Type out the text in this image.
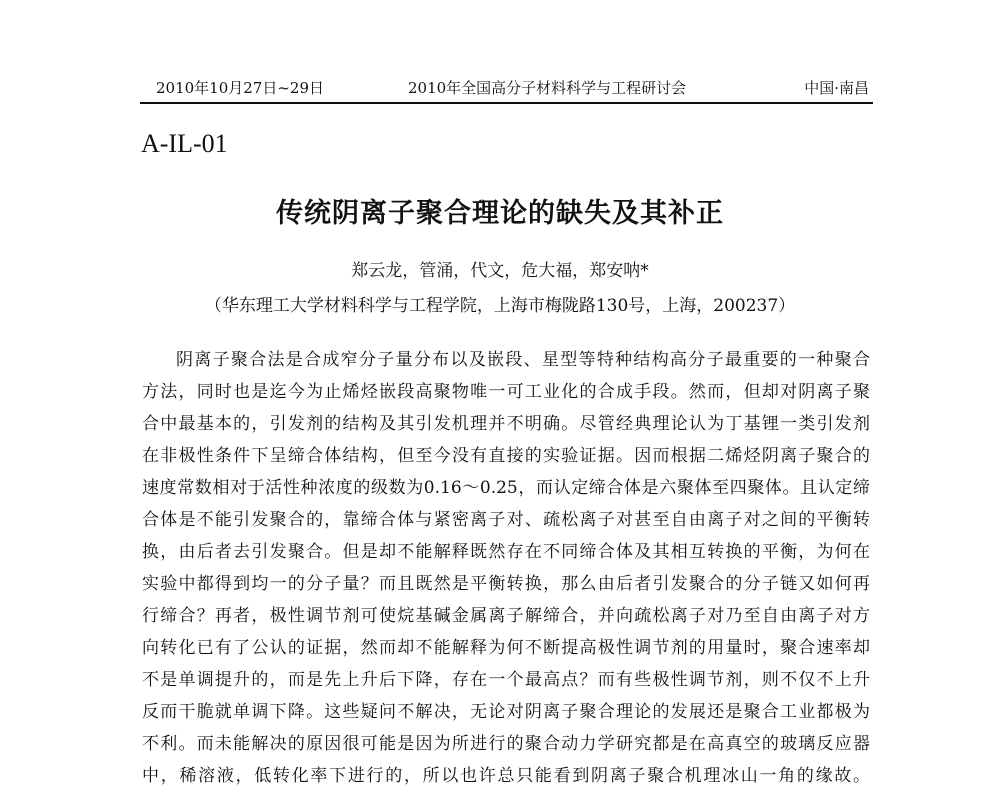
2010年10月27日~29日	2010年全国高分子材料科学与工程研讨会	中国·南昌
A-IL-01
传统阴离子聚合理论的缺失及其补正
郑云龙，管涌，代文，危大福，郑安呐*
（华东理工大学材料科学与工程学院，上海市梅陇路130号，上海，200237）
阴离子聚合法是合成窄分子量分布以及嵌段、星型等特种结构高分子最重要的一种聚合
方法，同时也是迄今为止烯烃嵌段高聚物唯一可工业化的合成手段。然而，但却对阴离子聚
合中最基本的，引发剂的结构及其引发机理并不明确。尽管经典理论认为丁基锂一类引发剂
在非极性条件下呈缔合体结构，但至今没有直接的实验证据。因而根据二烯烃阴离子聚合的
速度常数相对于活性种浓度的级数为0.16～0.25，而认定缔合体是六聚体至四聚体。且认定缔
合体是不能引发聚合的，靠缔合体与紧密离子对、疏松离子对甚至自由离子对之间的平衡转
换，由后者去引发聚合。但是却不能解释既然存在不同缔合体及其相互转换的平衡，为何在
实验中都得到均一的分子量？而且既然是平衡转换，那么由后者引发聚合的分子链又如何再
行缔合？再者，极性调节剂可使烷基碱金属离子解缔合，并向疏松离子对乃至自由离子对方
向转化已有了公认的证据，然而却不能解释为何不断提高极性调节剂的用量时，聚合速率却
不是单调提升的，而是先上升后下降，存在一个最高点？而有些极性调节剂，则不仅不上升
反而干脆就单调下降。这些疑问不解决，无论对阴离子聚合理论的发展还是聚合工业都极为
不利。而未能解决的原因很可能是因为所进行的聚合动力学研究都是在高真空的玻璃反应器
中，稀溶液，低转化率下进行的，所以也许总只能看到阴离子聚合机理冰山一角的缘故。
